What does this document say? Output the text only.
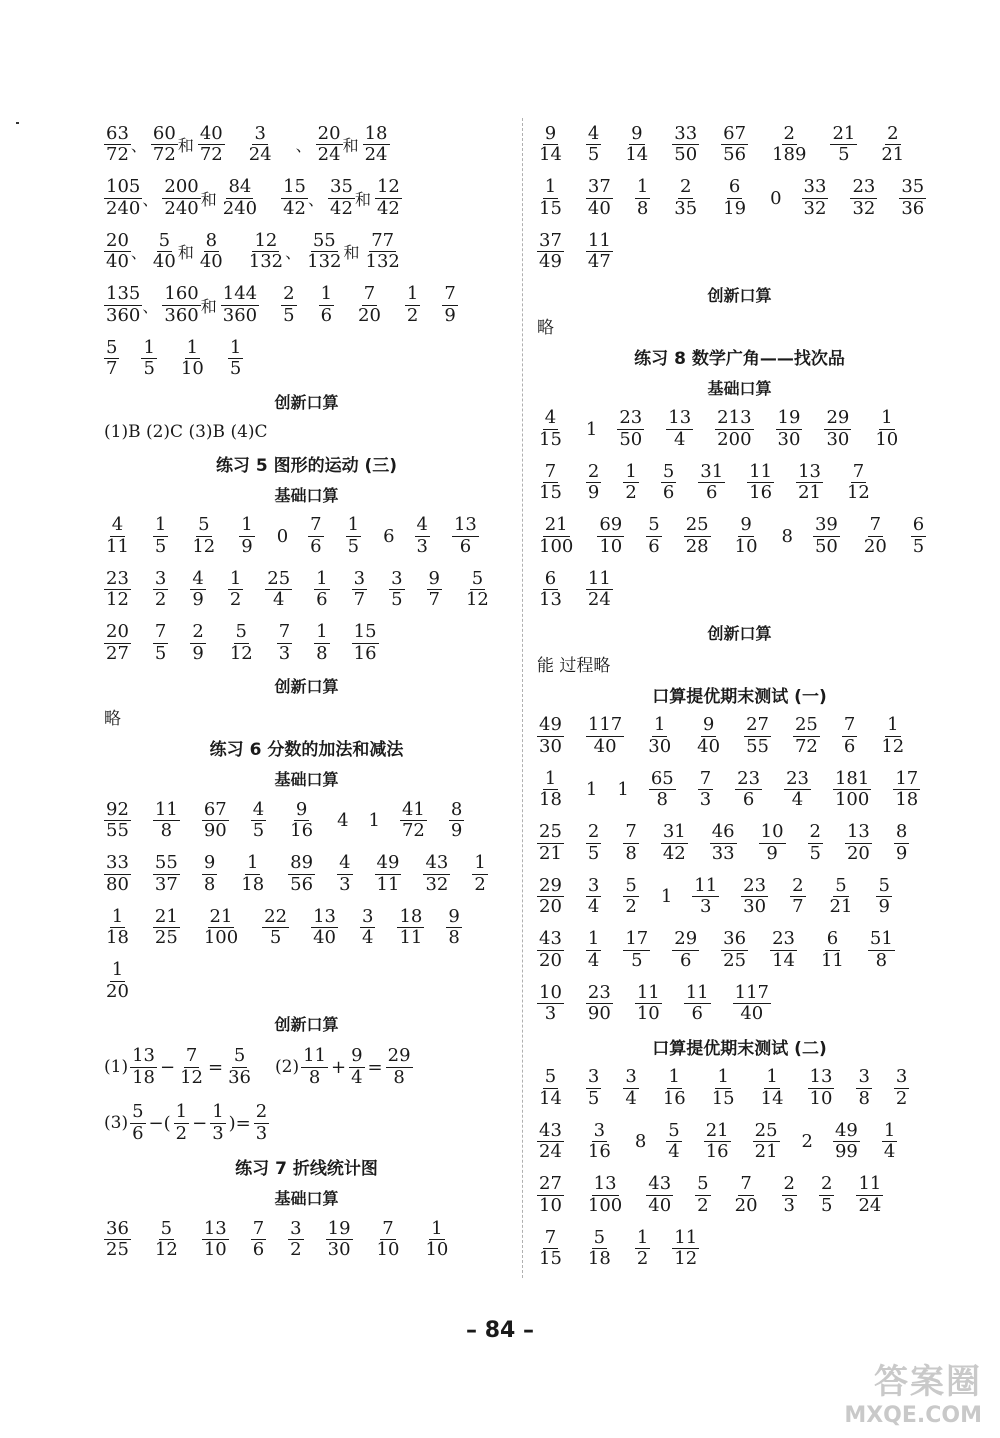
$\frac{63}{72}$ 、 $\frac{60}{72}$ 和 $\frac{40}{72} \frac{3}{24}$ 、 $\frac{20}{24}$ 和 $\frac{18}{24}$
$\frac{105}{240}$ 、 $\frac{200}{240}$ 和 $\frac{84}{240} \frac{15}{42}$ 、 $\frac{35}{42}$ 和 $\frac{12}{42}$
$\frac{20}{40}$ 、 $\frac{5}{40}$ 和 $\frac{8}{40} \frac{12}{132}$ 、 $\frac{55}{132}$ 和 $\frac{77}{132}$
$\frac{135}{360}$ 、 $\frac{160}{360}$ 和 $\frac{144}{360} \frac{2}{5} \frac{1}{6} \frac{7}{20} \frac{1}{2} \frac{7}{9}$
$\frac{5}{7} \frac{1}{5} \frac{1}{10} \frac{1}{5}$
创新口算
(1)B (2)C (3)B (4)C
练习 5 图形的运动 (三)
基础口算
$\frac{4}{11} \frac{1}{5} \frac{5}{12} \frac{1}{9} 0 \frac{7}{6} \frac{1}{5} 6 \frac{4}{3} \frac{13}{6}$
$\frac{23}{12} \frac{3}{2} \frac{4}{9} \frac{1}{2} \frac{25}{4} \frac{1}{6} \frac{3}{7} \frac{3}{5} \frac{9}{7} \frac{5}{12}$
$\frac{20}{27} \frac{7}{5} \frac{2}{9} \frac{5}{12} \frac{7}{3} \frac{1}{8} \frac{15}{16}$
创新口算
略
练习 6 分数的加法和减法
基础口算
$\frac{92}{55} \frac{11}{8} \frac{67}{90} \frac{4}{5} \frac{9}{16} 4$ $1 \frac{41}{72} \frac{8}{9}$
$\frac{33}{80} \frac{55}{37} \frac{9}{8} \frac{1}{18} \frac{89}{56} \frac{4}{3} \frac{49}{11} \frac{43}{32} \frac{1}{2}$
$\frac{1}{18} \frac{21}{25} \frac{21}{100} \frac{22}{5} \frac{13}{40} \frac{3}{4} \frac{18}{11} \frac{9}{8}$
$\frac{1}{20}$
创新口算
$(1) \frac{13}{18} - \frac{7}{12} = \frac{5}{36} (2) \frac{11}{8} + \frac{9}{4} = \frac{29}{8}$
$(3) \frac{5}{6}$ −( $\frac{1}{2} - \frac{1}{3}$ )= $\frac{2}{3}$
练习 7 折线统计图
基础口算
$\frac{36}{25} \frac{5}{12} \frac{13}{10} \frac{7}{6} \frac{3}{2} \frac{19}{30} \frac{7}{10} \frac{1}{10}$
$\frac{9}{14} \frac{4}{5} \frac{9}{14} \frac{33}{50} \frac{67}{56} \frac{2}{189} \frac{21}{5} \frac{2}{21}$
$\frac{1}{15} \frac{37}{40} \frac{1}{8} \frac{2}{35} \frac{6}{19} 0 \frac{33}{32} \frac{23}{32} \frac{35}{36}$
$\frac{37}{49} \frac{11}{47}$
创新口算
略
练习 8 数学广角——找次品
基础口算
$\frac{4}{15} 1 \frac{23}{50} \frac{13}{4} \frac{213}{200} \frac{19}{30} \frac{29}{30} \frac{1}{10}$
$\frac{7}{15} \frac{2}{9} \frac{1}{2} \frac{5}{6} \frac{31}{6} \frac{11}{16} \frac{13}{21} \frac{7}{12}$
$\frac{21}{100} \frac{69}{10} \frac{5}{6} \frac{25}{28} \frac{9}{10} 8 \frac{39}{50} \frac{7}{20} \frac{6}{5}$
$\frac{6}{13} \frac{11}{24}$
创新口算
能 过程略
口算提优期末测试 (一)
$\frac{49}{30} \frac{117}{40} \frac{1}{30} \frac{9}{40} \frac{27}{55} \frac{25}{72} \frac{7}{6} \frac{1}{12}$
$\frac{1}{18} 1$ $1 \frac{65}{8} \frac{7}{3} \frac{23}{6} \frac{23}{4} \frac{181}{100} \frac{17}{18}$
$\frac{25}{21} \frac{2}{5} \frac{7}{8} \frac{31}{42} \frac{46}{33} \frac{10}{9} \frac{2}{5} \frac{13}{20} \frac{8}{9}$
$\frac{29}{20} \frac{3}{4} \frac{5}{2} 1 \frac{11}{3} \frac{23}{30} \frac{2}{7} \frac{5}{21} \frac{5}{9}$
$\frac{43}{20} \frac{1}{4} \frac{17}{5} \frac{29}{6} \frac{36}{25} \frac{23}{14} \frac{6}{11} \frac{51}{8}$
$\frac{10}{3} \frac{23}{90} \frac{11}{10} \frac{11}{6} \frac{117}{40}$
口算提优期末测试 (二)
$\frac{5}{14} \frac{3}{5} \frac{3}{4} \frac{1}{16} \frac{1}{15} \frac{1}{14} \frac{13}{10} \frac{3}{8} \frac{3}{2}$
$\frac{43}{24} \frac{3}{16} 8 \frac{5}{4} \frac{21}{16} \frac{25}{21} 2 \frac{49}{99} \frac{1}{4}$
$\frac{27}{10} \frac{13}{100} \frac{43}{40} \frac{5}{2} \frac{7}{20} \frac{2}{3} \frac{2}{5} \frac{11}{24}$
$\frac{7}{15} \frac{5}{18} \frac{1}{2} \frac{11}{12}$
– 84 –
答案圈
MXQE.COM
